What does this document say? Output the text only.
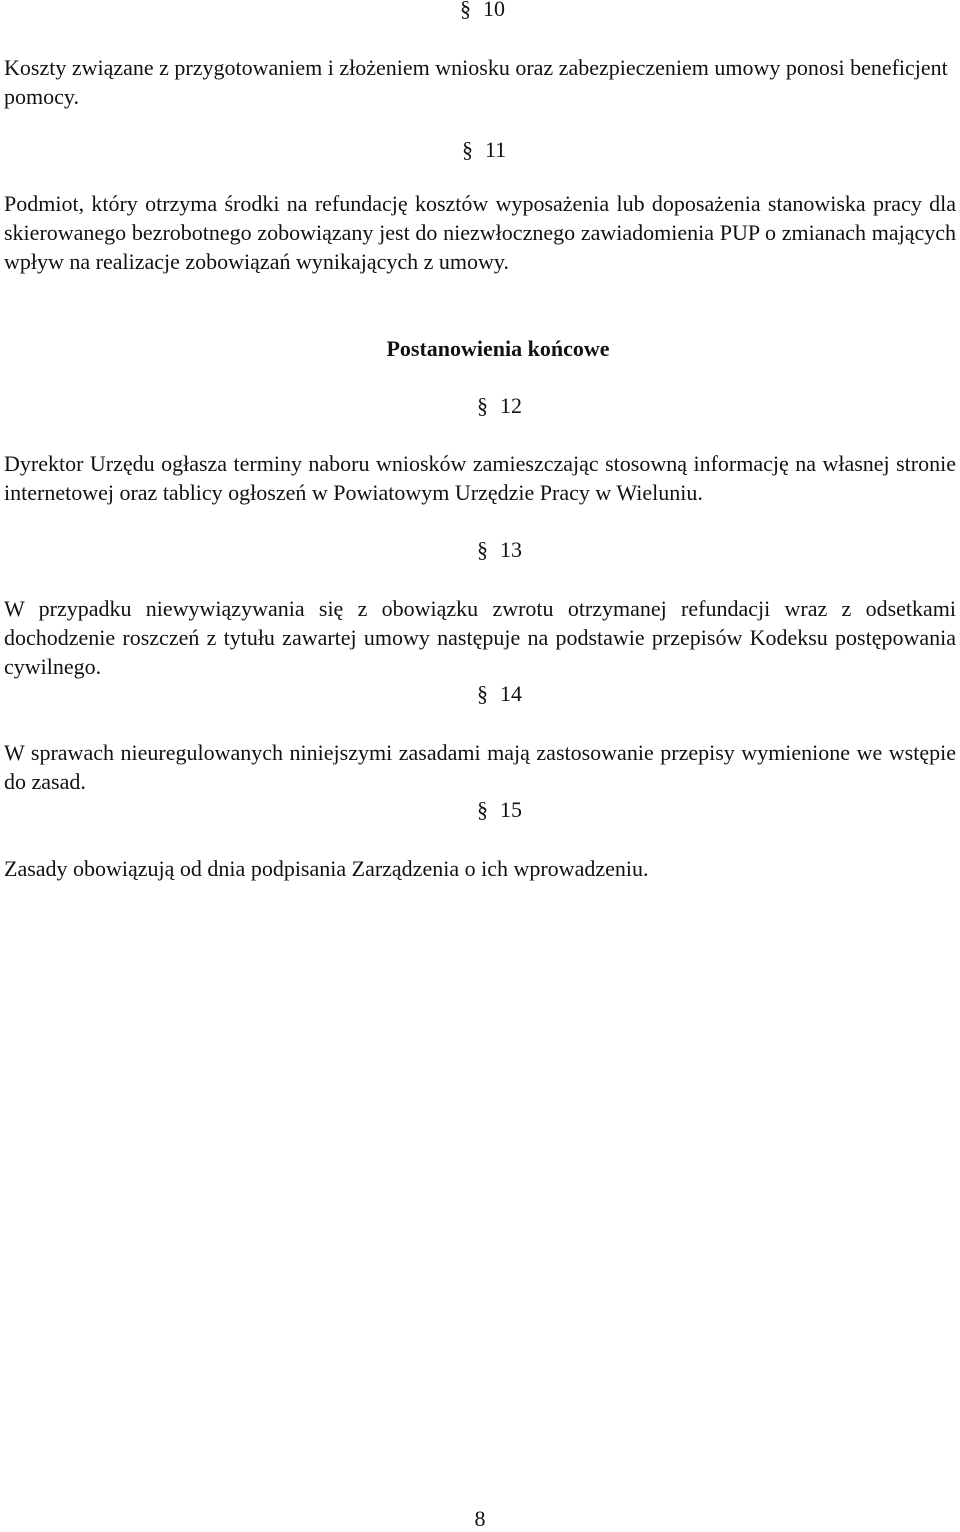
§ 10

Koszty związane z przygotowaniem i złożeniem wniosku oraz zabezpieczeniem umowy ponosi beneficjent pomocy.

§ 11

Podmiot, który otrzyma środki na refundację kosztów wyposażenia lub doposażenia stanowiska pracy dla skierowanego bezrobotnego zobowiązany jest do niezwłocznego zawiadomienia PUP o zmianach mających wpływ na realizacje zobowiązań wynikających z umowy.

Postanowienia końcowe
§ 12

Dyrektor Urzędu ogłasza terminy naboru wniosków zamieszczając stosowną informację na własnej stronie internetowej oraz tablicy ogłoszeń w Powiatowym Urzędzie Pracy w Wieluniu.

§ 13

W przypadku niewywiązywania się z obowiązku zwrotu otrzymanej refundacji wraz z odsetkami dochodzenie roszczeń z tytułu zawartej umowy następuje na podstawie przepisów Kodeksu postępowania cywilnego.

§ 14

W sprawach nieuregulowanych niniejszymi zasadami mają zastosowanie przepisy wymienione we wstępie do zasad.

§ 15

Zasady obowiązują od dnia podpisania Zarządzenia o ich wprowadzeniu.

8
